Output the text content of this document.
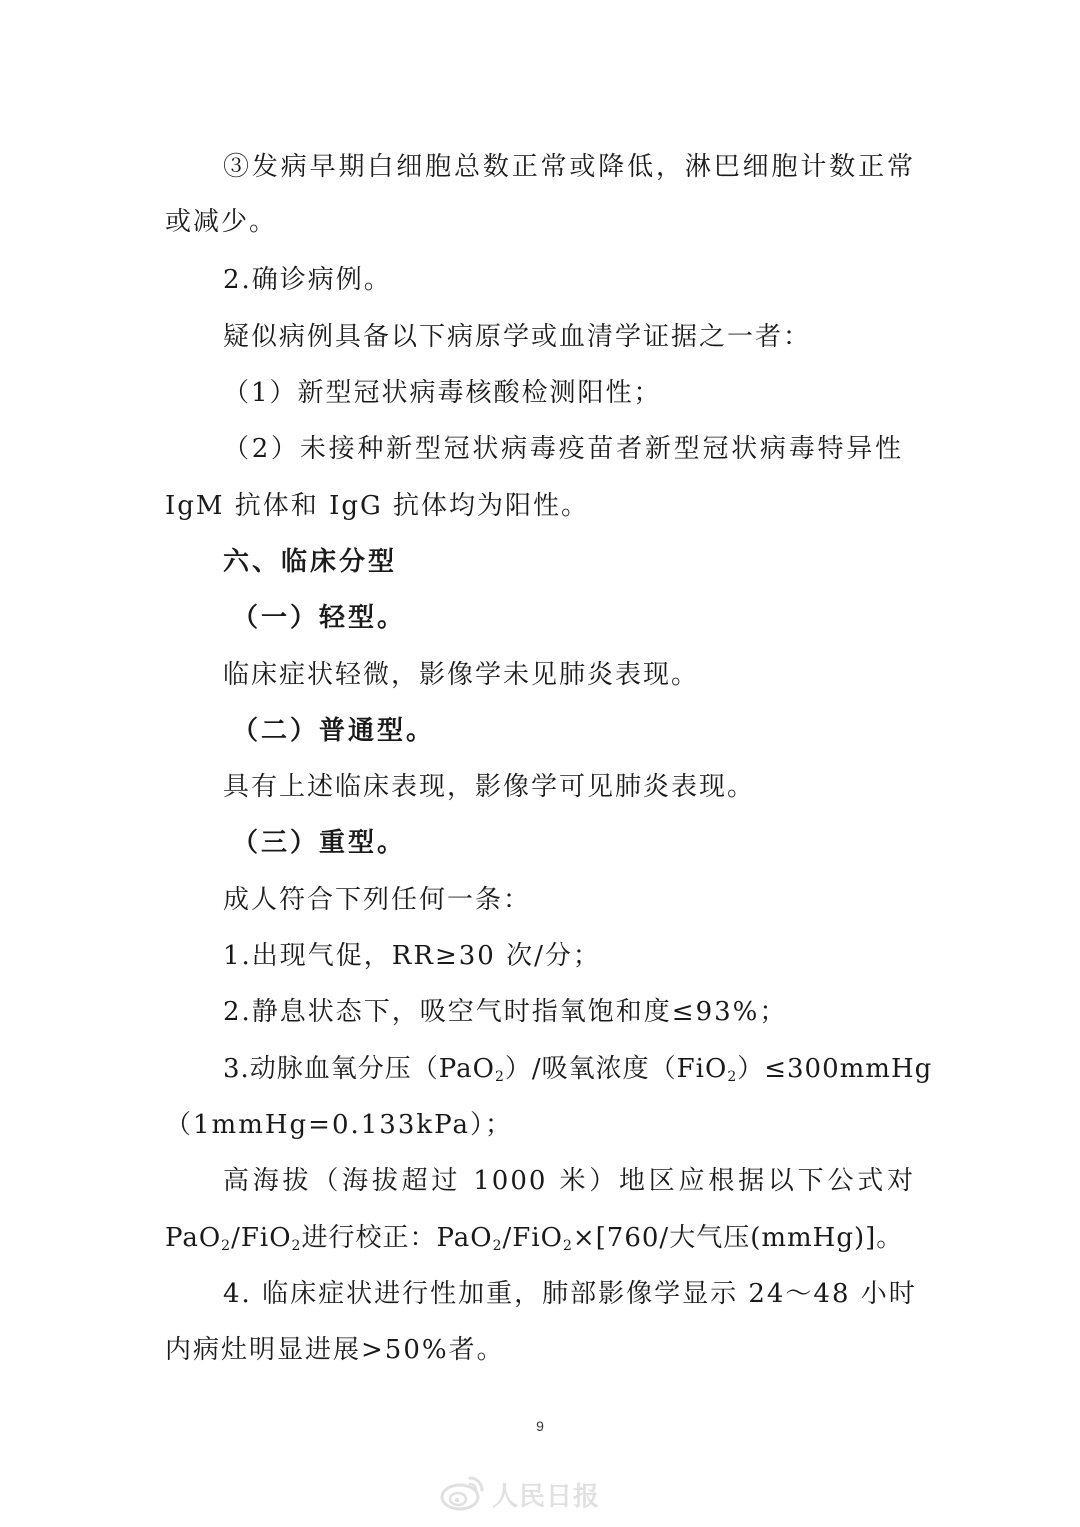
③发病早期白细胞总数正常或降低，淋巴细胞计数正常
或减少。
2.确诊病例。
疑似病例具备以下病原学或血清学证据之一者：
（1）新型冠状病毒核酸检测阳性；
（2）未接种新型冠状病毒疫苗者新型冠状病毒特异性
IgM 抗体和 IgG 抗体均为阳性。
六、临床分型
（一）轻型。
临床症状轻微，影像学未见肺炎表现。
（二）普通型。
具有上述临床表现，影像学可见肺炎表现。
（三）重型。
成人符合下列任何一条：
1.出现气促，RR≥30 次/分；
2.静息状态下，吸空气时指氧饱和度≤93%；
3.动脉血氧分压（PaO$_2$）/吸氧浓度（FiO$_2$）≤300mmHg
（1mmHg=0.133kPa）；
高海拔（海拔超过 1000 米）地区应根据以下公式对
PaO$_2$/FiO$_2$进行校正：PaO$_2$/FiO$_2$×[760/大气压(mmHg)]。
4. 临床症状进行性加重，肺部影像学显示 24～48 小时
内病灶明显进展>50%者。
9
人民日报
